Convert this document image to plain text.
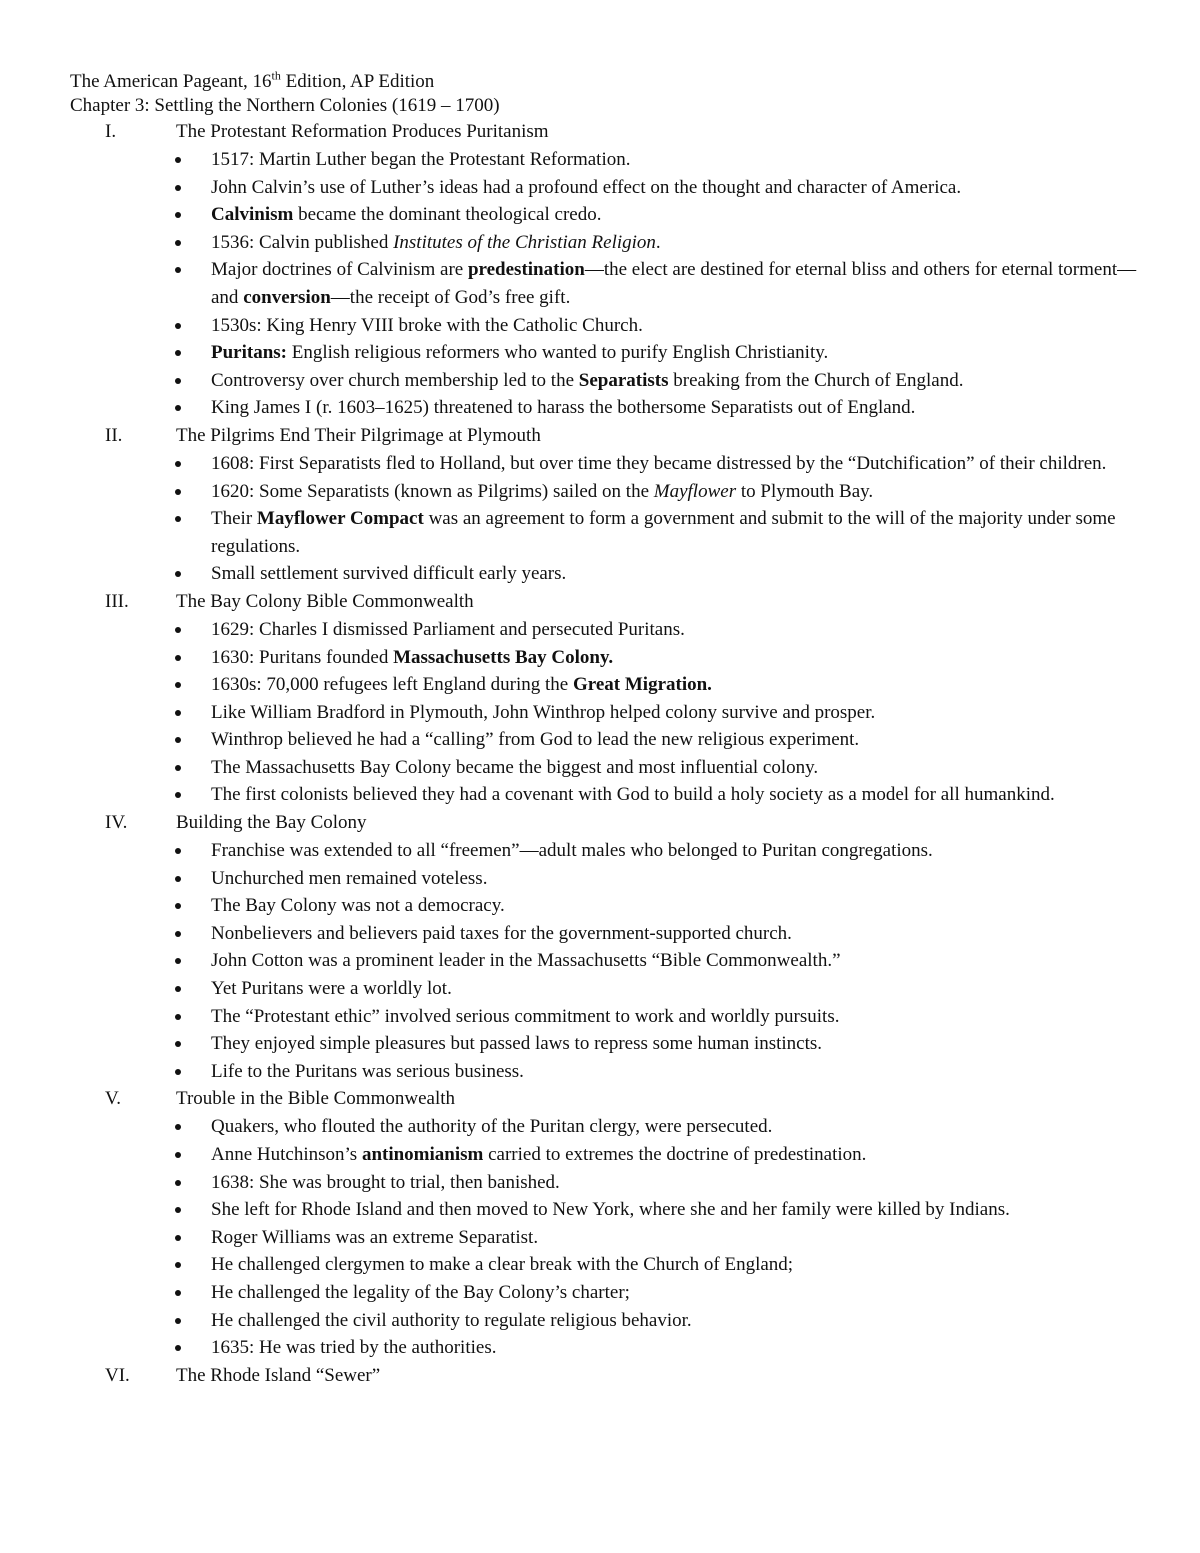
The American Pageant, 16th Edition, AP Edition
Chapter 3: Settling the Northern Colonies (1619 – 1700)
I.	The Protestant Reformation Produces Puritanism
1517: Martin Luther began the Protestant Reformation.
John Calvin’s use of Luther’s ideas had a profound effect on the thought and character of America.
Calvinism became the dominant theological credo.
1536: Calvin published Institutes of the Christian Religion.
Major doctrines of Calvinism are predestination—the elect are destined for eternal bliss and others for eternal torment—and conversion—the receipt of God’s free gift.
1530s: King Henry VIII broke with the Catholic Church.
Puritans: English religious reformers who wanted to purify English Christianity.
Controversy over church membership led to the Separatists breaking from the Church of England.
King James I (r. 1603–1625) threatened to harass the bothersome Separatists out of England.
II.	The Pilgrims End Their Pilgrimage at Plymouth
1608: First Separatists fled to Holland, but over time they became distressed by the “Dutchification” of their children.
1620: Some Separatists (known as Pilgrims) sailed on the Mayflower to Plymouth Bay.
Their Mayflower Compact was an agreement to form a government and submit to the will of the majority under some regulations.
Small settlement survived difficult early years.
III.	The Bay Colony Bible Commonwealth
1629: Charles I dismissed Parliament and persecuted Puritans.
1630: Puritans founded Massachusetts Bay Colony.
1630s: 70,000 refugees left England during the Great Migration.
Like William Bradford in Plymouth, John Winthrop helped colony survive and prosper.
Winthrop believed he had a “calling” from God to lead the new religious experiment.
The Massachusetts Bay Colony became the biggest and most influential colony.
The first colonists believed they had a covenant with God to build a holy society as a model for all humankind.
IV.	Building the Bay Colony
Franchise was extended to all “freemen”—adult males who belonged to Puritan congregations.
Unchurched men remained voteless.
The Bay Colony was not a democracy.
Nonbelievers and believers paid taxes for the government-supported church.
John Cotton was a prominent leader in the Massachusetts “Bible Commonwealth.”
Yet Puritans were a worldly lot.
The “Protestant ethic” involved serious commitment to work and worldly pursuits.
They enjoyed simple pleasures but passed laws to repress some human instincts.
Life to the Puritans was serious business.
V.	Trouble in the Bible Commonwealth
Quakers, who flouted the authority of the Puritan clergy, were persecuted.
Anne Hutchinson’s antinomianism carried to extremes the doctrine of predestination.
1638: She was brought to trial, then banished.
She left for Rhode Island and then moved to New York, where she and her family were killed by Indians.
Roger Williams was an extreme Separatist.
He challenged clergymen to make a clear break with the Church of England;
He challenged the legality of the Bay Colony’s charter;
He challenged the civil authority to regulate religious behavior.
1635: He was tried by the authorities.
VI.	The Rhode Island “Sewer”
